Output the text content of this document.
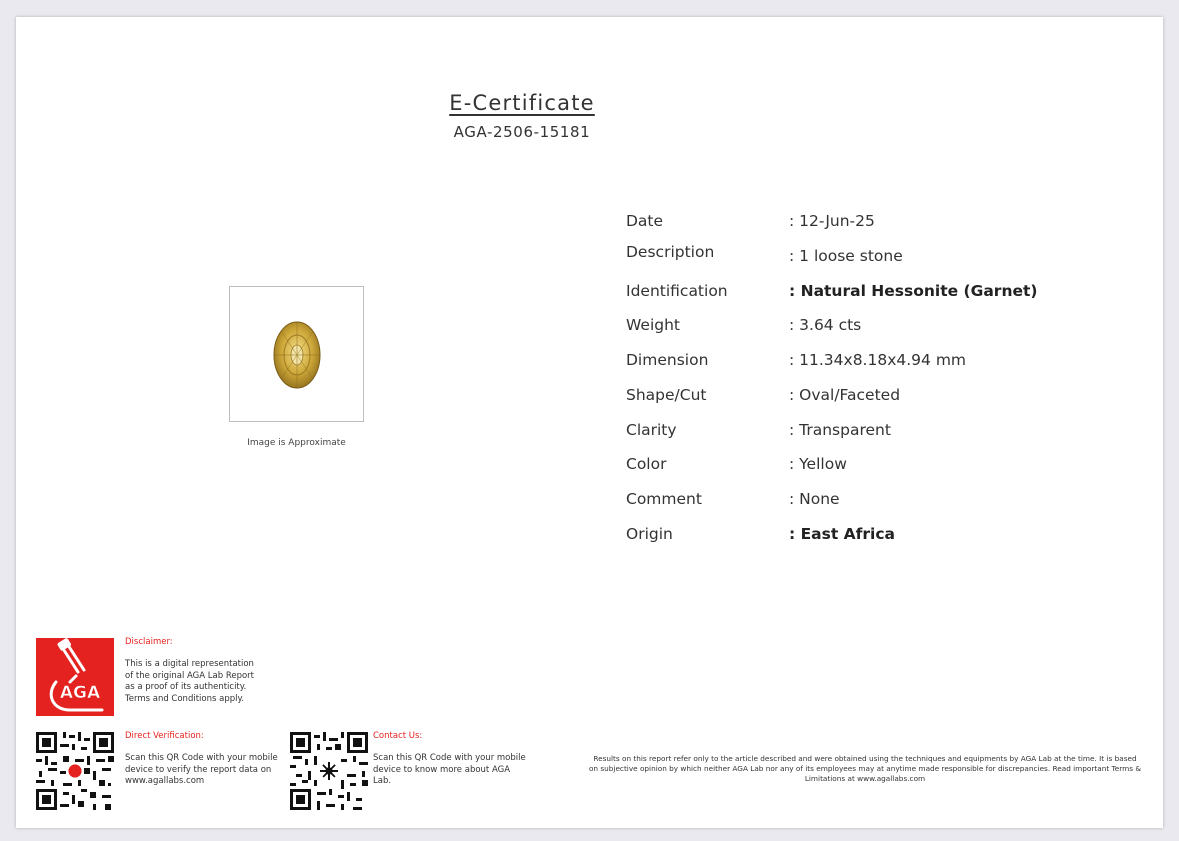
E-Certificate
AGA-2506-15181
Image is Approximate
Date	: 12-Jun-25
Description	: 1 loose stone
Identification	: Natural Hessonite (Garnet)
Weight	: 3.64 cts
Dimension	: 11.34x8.18x4.94 mm
Shape/Cut	: Oval/Faceted
Clarity	: Transparent
Color	: Yellow
Comment	: None
Origin	: East Africa
AGA
Disclaimer:
This is a digital representation
of the original AGA Lab Report
as a proof of its authenticity.
Terms and Conditions apply.
Direct Verification:
Scan this QR Code with your mobile
device to verify the report data on
www.agallabs.com
Contact Us:
Scan this QR Code with your mobile
device to know more about AGA
Lab.
Results on this report refer only to the article described and were obtained using the techniques and equipments by AGA Lab at the time. It is based
on subjective opinion by which neither AGA Lab nor any of its employees may at anytime made responsible for discrepancies. Read important Terms &
Limitations at www.agallabs.com
